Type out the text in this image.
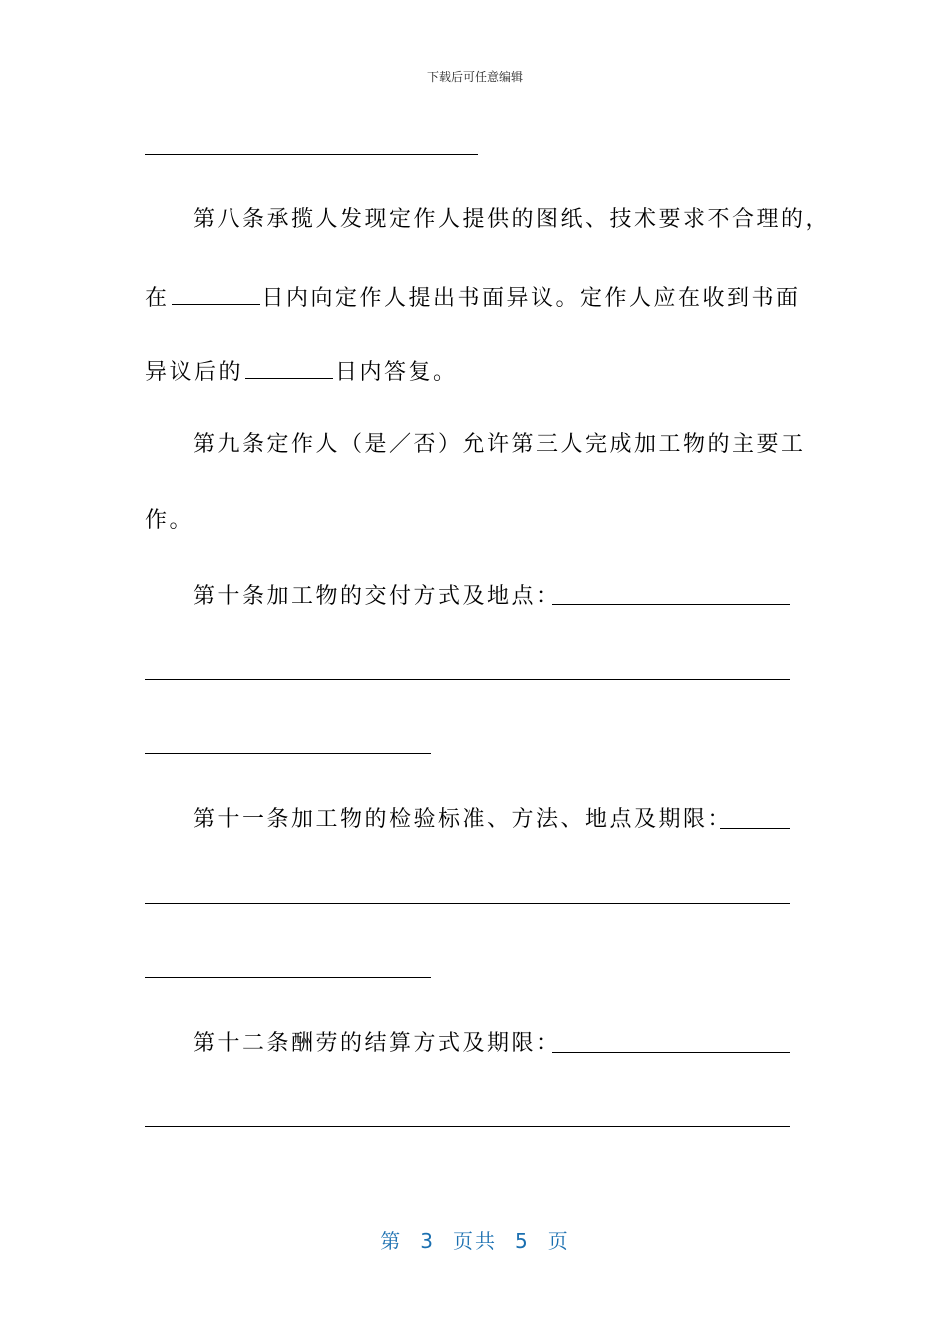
下载后可任意编辑
第八条承揽人发现定作人提供的图纸、技术要求不合理的，
在	日内向定作人提出书面异议。定作人应在收到书面
异议后的	日内答复。
第九条定作人（是／否）允许第三人完成加工物的主要工
作。
第十条加工物的交付方式及地点：
第十一条加工物的检验标准、方法、地点及期限：
第十二条酬劳的结算方式及期限：
第 3 页共 5 页
